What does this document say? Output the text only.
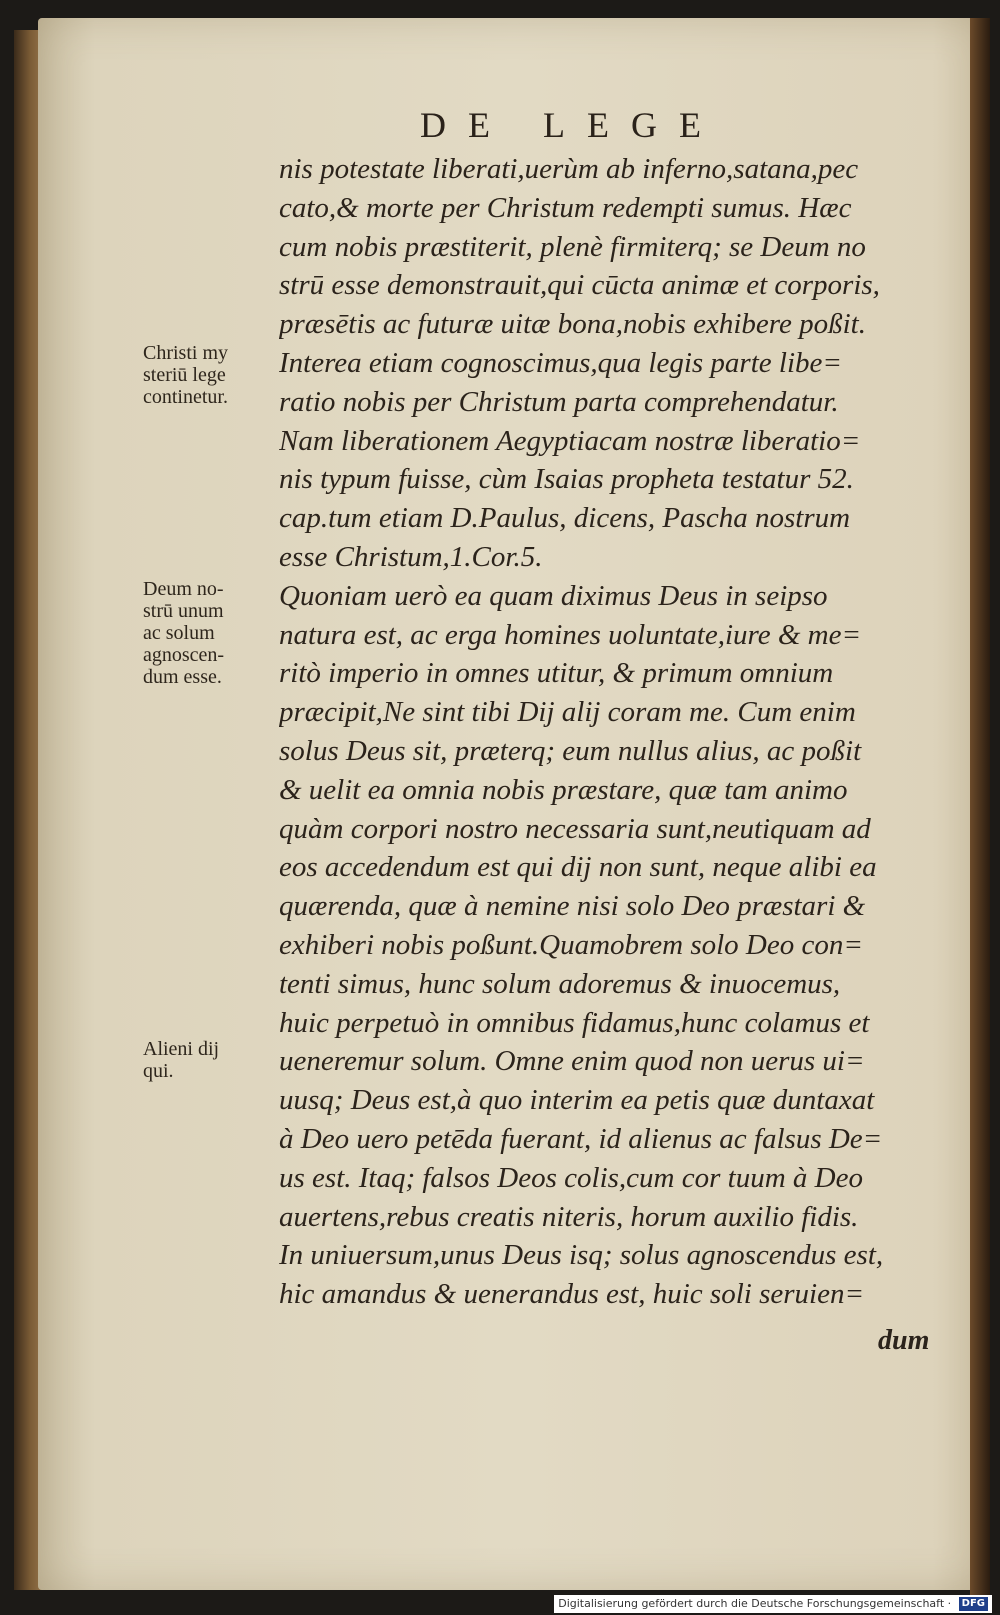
DE LEGE
nis potestate liberati,uerùm ab inferno,satana,pec
cato,& morte per Christum redempti sumus. Hæc
cum nobis præstiterit, plenè firmiterq; se Deum no
strū esse demonstrauit,qui cūcta animæ et corporis,
præsētis ac futuræ uitæ bona,nobis exhibere poßit.
Interea etiam cognoscimus,qua legis parte libe=
ratio nobis per Christum parta comprehendatur.
Nam liberationem Aegyptiacam nostræ liberatio=
nis typum fuisse, cùm Isaias propheta testatur 52.
cap.tum etiam D.Paulus, dicens, Pascha nostrum
esse Christum,1.Cor.5.
Quoniam uerò ea quam diximus Deus in seipso
natura est, ac erga homines uoluntate,iure & me=
ritò imperio in omnes utitur, & primum omnium
præcipit,Ne sint tibi Dij alij coram me. Cum enim
solus Deus sit, præterq; eum nullus alius, ac poßit
& uelit ea omnia nobis præstare, quæ tam animo
quàm corpori nostro necessaria sunt,neutiquam ad
eos accedendum est qui dij non sunt, neque alibi ea
quærenda, quæ à nemine nisi solo Deo præstari &
exhiberi nobis poßunt.Quamobrem solo Deo con=
tenti simus, hunc solum adoremus & inuocemus,
huic perpetuò in omnibus fidamus,hunc colamus et
ueneremur solum. Omne enim quod non uerus ui=
uusq; Deus est,à quo interim ea petis quæ duntaxat
à Deo uero petēda fuerant, id alienus ac falsus De=
us est. Itaq; falsos Deos colis,cum cor tuum à Deo
auertens,rebus creatis niteris, horum auxilio fidis.
In uniuersum,unus Deus isq; solus agnoscendus est,
hic amandus & uenerandus est, huic soli seruien=
dum
Christi my
steriū lege
continetur.
Deum no-
strū unum
ac solum
agnoscen-
dum esse.
Alieni dij
qui.
Digitalisierung gefördert durch die Deutsche Forschungsgemeinschaft · DFG
